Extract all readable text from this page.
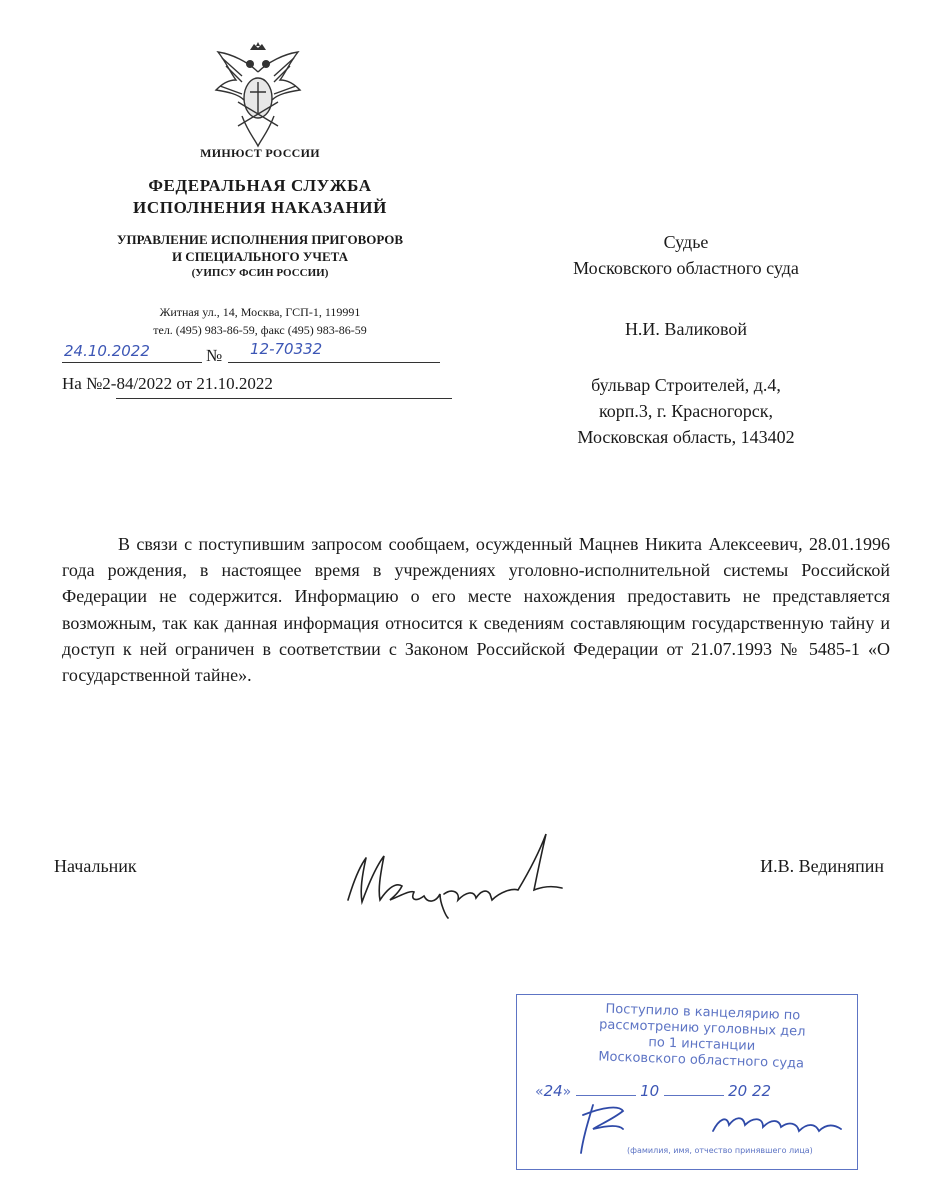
МИНЮСТ РОССИИ
ФЕДЕРАЛЬНАЯ СЛУЖБА
ИСПОЛНЕНИЯ НАКАЗАНИЙ
УПРАВЛЕНИЕ ИСПОЛНЕНИЯ ПРИГОВОРОВ
И СПЕЦИАЛЬНОГО УЧЕТА
(УИПСУ ФСИН РОССИИ)
Житная ул., 14, Москва, ГСП-1, 119991
тел. (495) 983-86-59, факс (495) 983-86-59
24.10.2022	№ 12-70332
На №2-84/2022 от 21.10.2022
Судье
Московского областного суда
Н.И. Валиковой
бульвар Строителей, д.4,
корп.3, г. Красногорск,
Московская область, 143402
В связи с поступившим запросом сообщаем, осужденный Мацнев Никита Алексеевич, 28.01.1996 года рождения, в настоящее время в учреждениях уголовно-исполнительной системы Российской Федерации не содержится. Информацию о его месте нахождения предоставить не представляется возможным, так как данная информация относится к сведениям составляющим государственную тайну и доступ к ней ограничен в соответствии с Законом Российской Федерации от 21.07.1993 № 5485-1 «О государственной тайне».
Начальник	И.В. Вединяпин
Поступило в канцелярию по
рассмотрению уголовных дел
по 1 инстанции
Московского областного суда
«24»	10	20 22
(фамилия, имя, отчество принявшего лица)
